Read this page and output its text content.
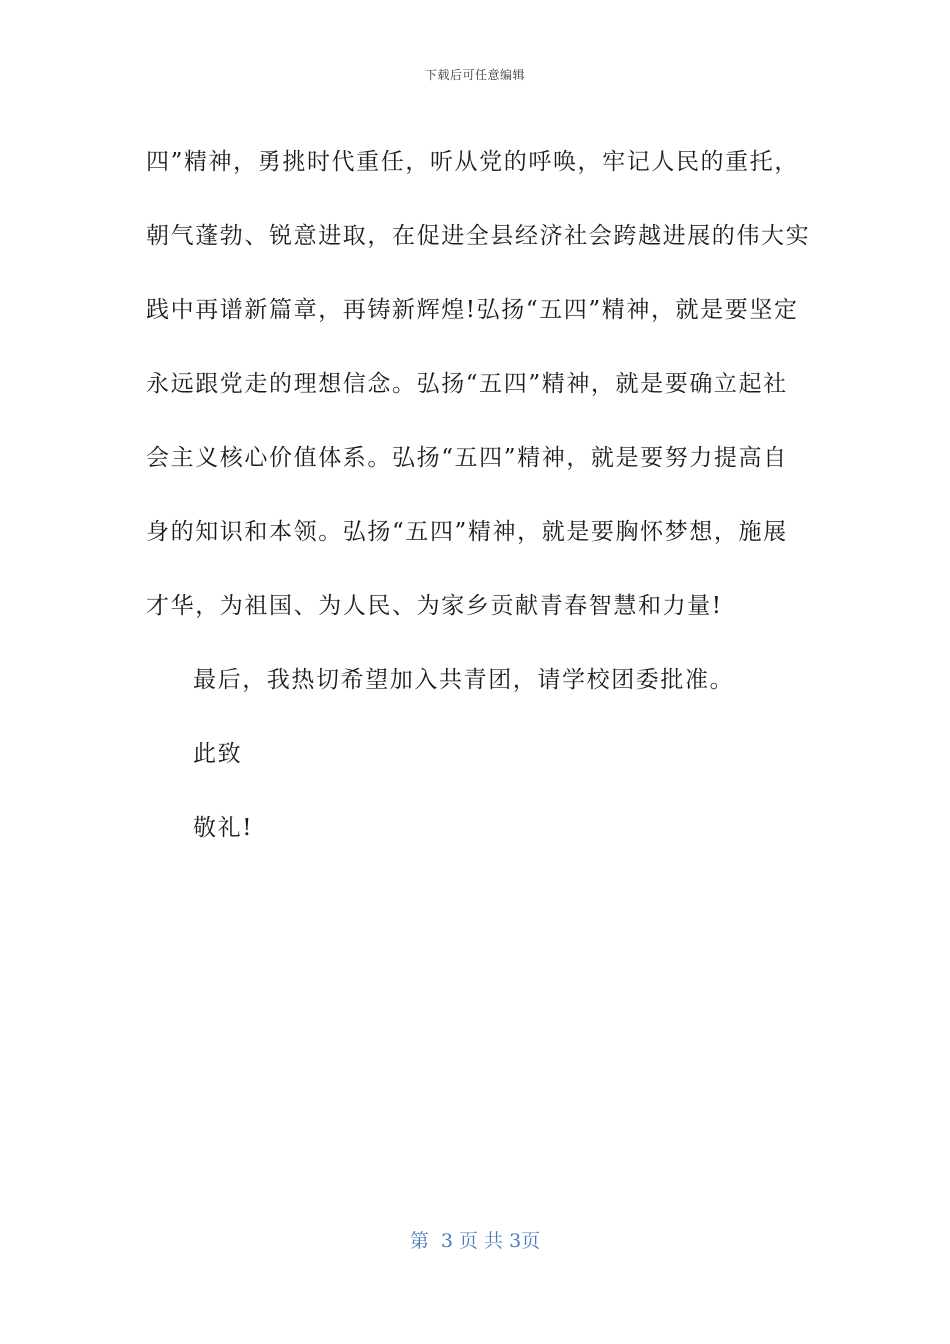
下载后可任意编辑
四”精神，勇挑时代重任，听从党的呼唤，牢记人民的重托，
朝气蓬勃、锐意进取，在促进全县经济社会跨越进展的伟大实
践中再谱新篇章，再铸新辉煌!弘扬“五四”精神，就是要坚定
永远跟党走的理想信念。弘扬“五四”精神，就是要确立起社
会主义核心价值体系。弘扬“五四”精神，就是要努力提高自
身的知识和本领。弘扬“五四”精神，就是要胸怀梦想，施展
才华，为祖国、为人民、为家乡贡献青春智慧和力量!
最后，我热切希望加入共青团，请学校团委批准。
此致
敬礼!
第  3 页 共 3页
